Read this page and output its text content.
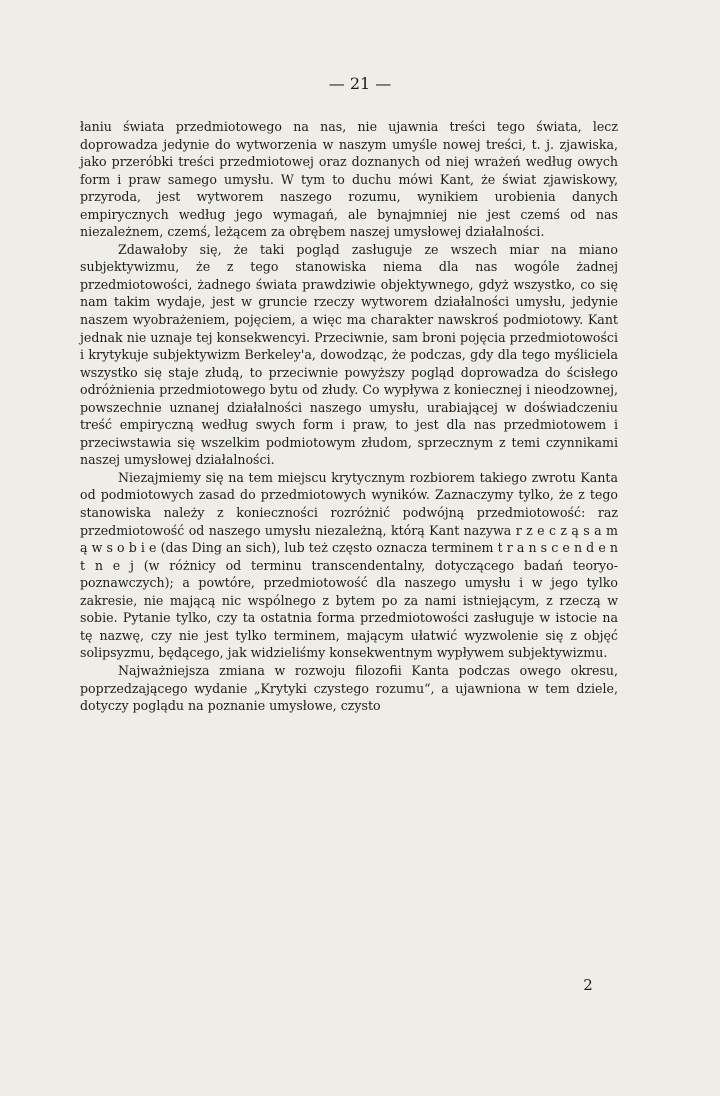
— 21 —

łaniu świata przedmiotowego na nas, nie ujawnia treści tego świata, lecz doprowadza jedynie do wytworzenia w naszym umyśle nowej treści, t. j. zjawiska, jako przeróbki treści przedmiotowej oraz doznanych od niej wrażeń według owych form i praw samego umysłu. W tym to duchu mówi Kant, że świat zjawiskowy, przyroda, jest wytworem naszego rozumu, wynikiem urobienia danych empirycznych według jego wymagań, ale bynajmniej nie jest czemś od nas niezależnem, czemś, leżącem za obrębem naszej umysłowej działalności.

Zdawałoby się, że taki pogląd zasługuje ze wszech miar na miano subjektywizmu, że z tego stanowiska niema dla nas wogóle żadnej przedmiotowości, żadnego świata prawdziwie objektywnego, gdyż wszystko, co się nam takim wydaje, jest w gruncie rzeczy wytworem działalności umysłu, jedynie naszem wyobrażeniem, pojęciem, a więc ma charakter nawskroś podmiotowy. Kant jednak nie uznaje tej konsekwencyi. Przeciwnie, sam broni pojęcia przedmiotowości i krytykuje subjektywizm Berkeley'a, dowodząc, że podczas, gdy dla tego myśliciela wszystko się staje złudą, to przeciwnie powyższy pogląd doprowadza do ścisłego odróżnienia przedmiotowego bytu od złudy. Co wypływa z koniecznej i nieodzownej, powszechnie uznanej działalności naszego umysłu, urabiającej w doświadczeniu treść empiryczną według swych form i praw, to jest dla nas przedmiotowem i przeciwstawia się wszelkim podmiotowym złudom, sprzecznym z temi czynnikami naszej umysłowej działalności.

Niezajmiemy się na tem miejscu krytycznym rozbiorem takiego zwrotu Kanta od podmiotowych zasad do przedmiotowych wyników. Zaznaczymy tylko, że z tego stanowiska należy z konieczności rozróżnić podwójną przedmiotowość: raz przedmiotowość od naszego umysłu niezależną, którą Kant nazywa r z e c z ą s a m ą w s o b i e (das Ding an sich), lub też często oznacza terminem t r a n s c e n d e n t n e j (w różnicy od terminu transcendentalny, dotyczącego badań teoryo-poznawczych); a powtóre, przedmiotowość dla naszego umysłu i w jego tylko zakresie, nie mającą nic wspólnego z bytem po za nami istniejącym, z rzeczą w sobie. Pytanie tylko, czy ta ostatnia forma przedmiotowości zasługuje w istocie na tę nazwę, czy nie jest tylko terminem, mającym ułatwić wyzwolenie się z objęć solipsyzmu, będącego, jak widzieliśmy konsekwentnym wypływem subjektywizmu.

Najważniejsza zmiana w rozwoju filozofii Kanta podczas owego okresu, poprzedzającego wydanie „Krytyki czystego rozumu“, a ujawniona w tem dziele, dotyczy poglądu na poznanie umysłowe, czysto

2
